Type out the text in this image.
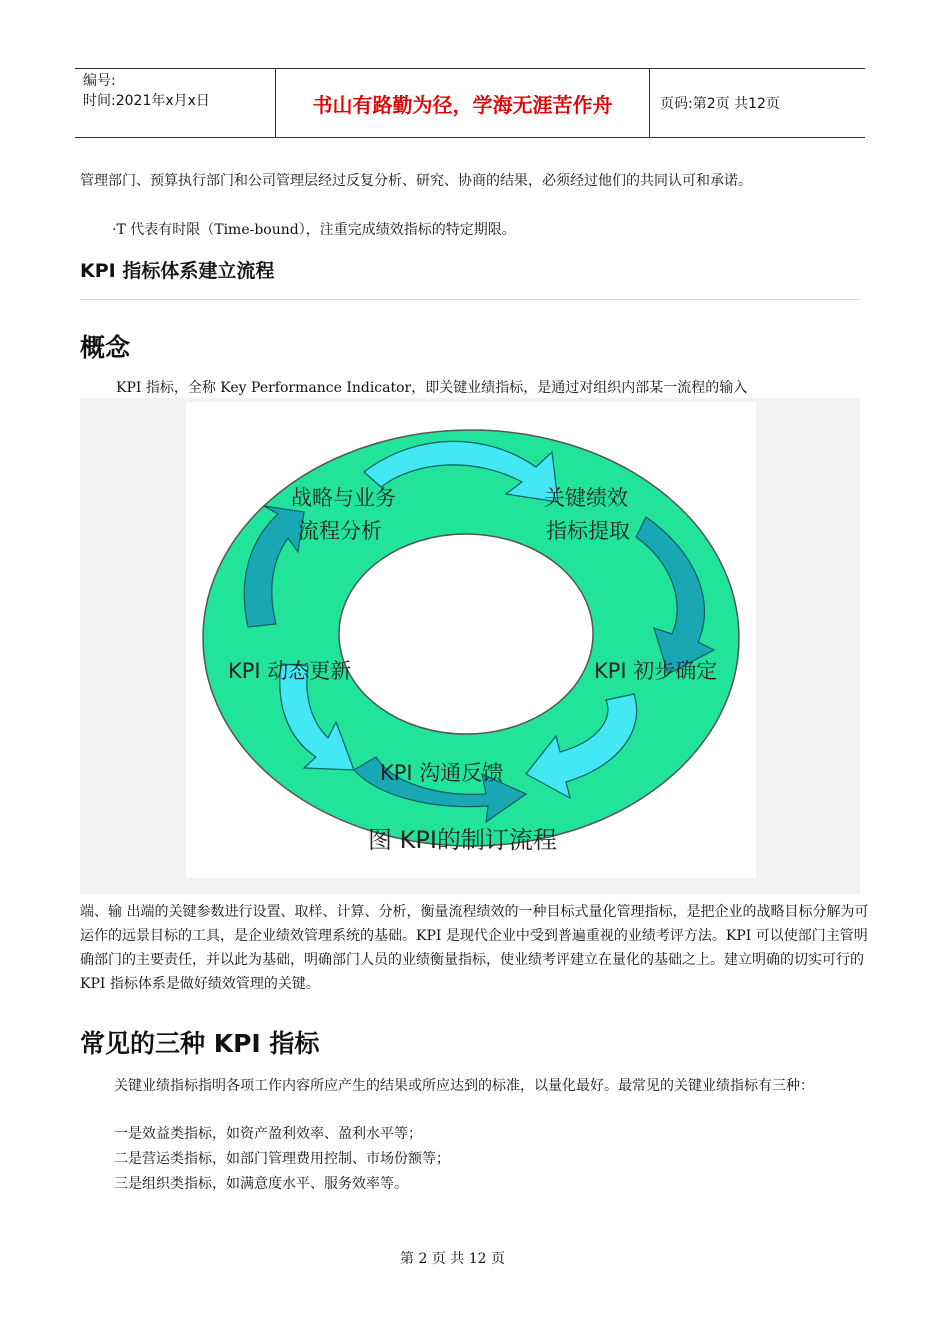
编号:
时间:2021年x月x日	书山有路勤为径，学海无涯苦作舟	页码:第2页 共12页

管理部门、预算执行部门和公司管理层经过反复分析、研究、协商的结果，必须经过他们的共同认可和承诺。

·T 代表有时限（Time-bound），注重完成绩效指标的特定期限。

KPI 指标体系建立流程
概念

KPI 指标，全称 Key Performance Indicator，即关键业绩指标，是通过对组织内部某一流程的输入

战略与业务
流程分析
关键绩效
指标提取
KPI 初步确定
KPI 动态更新
KPI 沟通反馈
图 KPI的制订流程

端、输 出端的关键参数进行设置、取样、计算、分析，衡量流程绩效的一种目标式量化管理指标，是把企业的战略目标分解为可运作的远景目标的工具，是企业绩效管理系统的基础。KPI 是现代企业中受到普遍重视的业绩考评方法。KPI 可以使部门主管明确部门的主要责任，并以此为基础，明确部门人员的业绩衡量指标，使业绩考评建立在量化的基础之上。建立明确的切实可行的 KPI 指标体系是做好绩效管理的关键。

常见的三种 KPI 指标

关键业绩指标指明各项工作内容所应产生的结果或所应达到的标准，以量化最好。最常见的关键业绩指标有三种：

一是效益类指标，如资产盈利效率、盈利水平等；

二是营运类指标，如部门管理费用控制、市场份额等；

三是组织类指标，如满意度水平、服务效率等。

第 2 页 共 12 页
